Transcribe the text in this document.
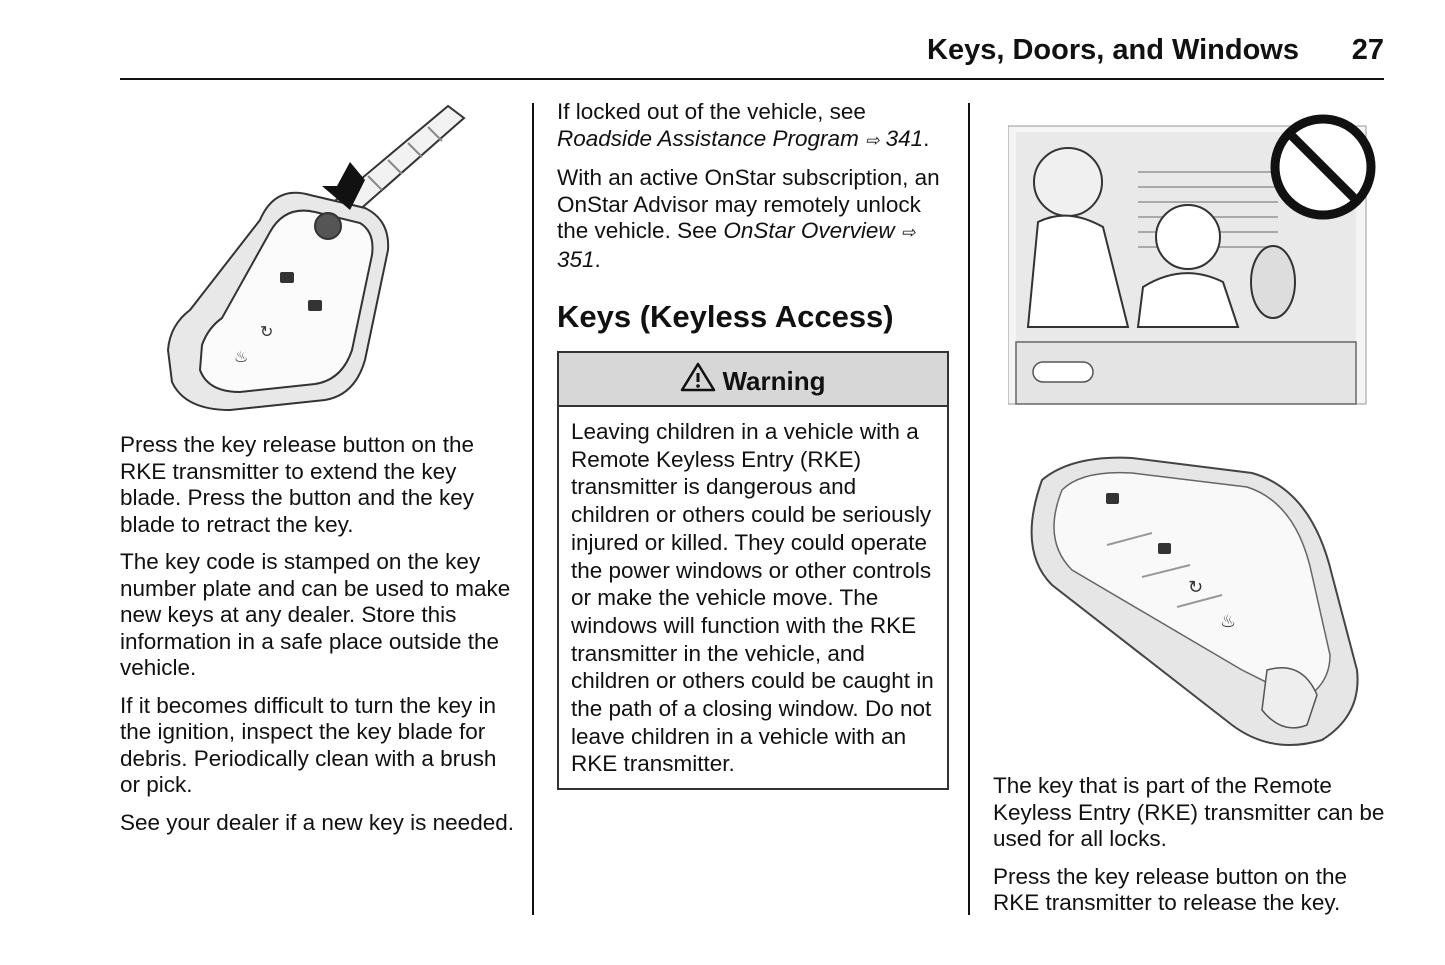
Keys, Doors, and Windows 27
↻
♨

Press the key release button on the RKE transmitter to extend the key blade. Press the button and the key blade to retract the key.

The key code is stamped on the key number plate and can be used to make new keys at any dealer. Store this information in a safe place outside the vehicle.

If it becomes difficult to turn the key in the ignition, inspect the key blade for debris. Periodically clean with a brush or pick.

See your dealer if a new key is needed.

If locked out of the vehicle, see Roadside Assistance Program ⇨ 341.

With an active OnStar subscription, an OnStar Advisor may remotely unlock the vehicle. See OnStar Overview ⇨ 351.

Keys (Keyless Access)
Warning
Leaving children in a vehicle with a Remote Keyless Entry (RKE) transmitter is dangerous and children or others could be seriously injured or killed. They could operate the power windows or other controls or make the vehicle move. The windows will function with the RKE transmitter in the vehicle, and children or others could be caught in the path of a closing window. Do not leave children in a vehicle with an RKE transmitter.
↻
♨

The key that is part of the Remote Keyless Entry (RKE) transmitter can be used for all locks.

Press the key release button on the RKE transmitter to release the key.
